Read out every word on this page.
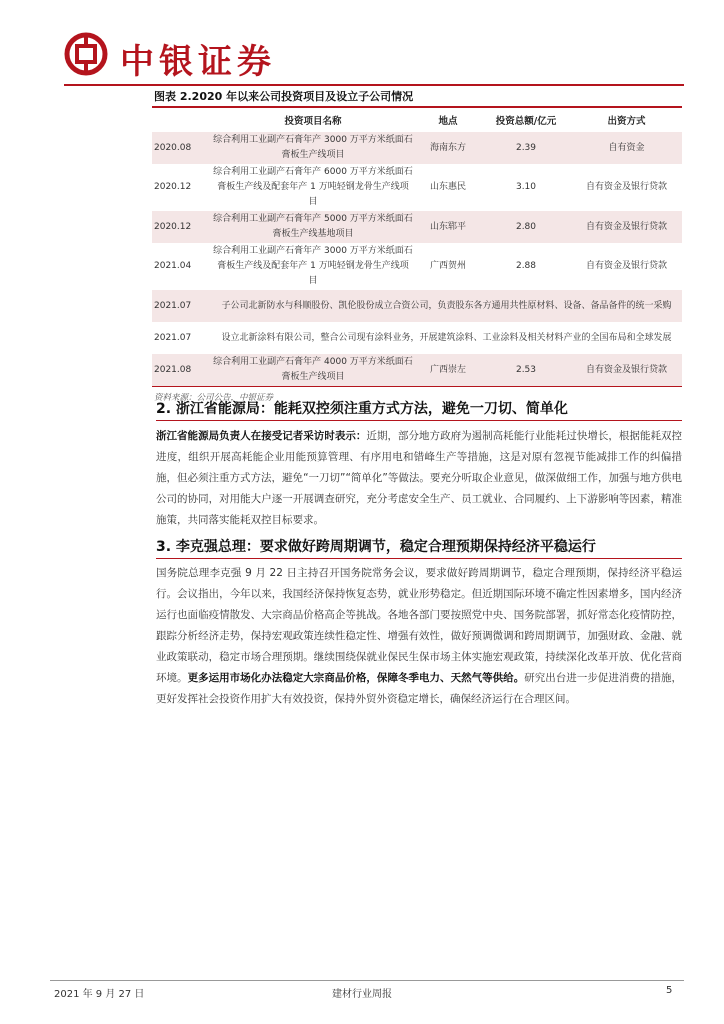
中银证券
图表 2.2020 年以来公司投资项目及设立子公司情况
	投资项目名称	地点	投资总额/亿元	出资方式
2020.08	综合利用工业副产石膏年产 3000 万平方米纸面石膏板生产线项目	海南东方	2.39	自有资金
2020.12	综合利用工业副产石膏年产 6000 万平方米纸面石膏板生产线及配套年产 1 万吨轻钢龙骨生产线项目	山东惠民	3.10	自有资金及银行贷款
2020.12	综合利用工业副产石膏年产 5000 万平方米纸面石膏板生产线基地项目	山东郓平	2.80	自有资金及银行贷款
2021.04	综合利用工业副产石膏年产 3000 万平方米纸面石膏板生产线及配套年产 1 万吨轻钢龙骨生产线项目	广西贺州	2.88	自有资金及银行贷款
2021.07	子公司北新防水与科顺股份、凯伦股份成立合资公司，负责股东各方通用共性原材料、设备、备品备件的统一采购			
2021.07	设立北新涂料有限公司，整合公司现有涂料业务，开展建筑涂料、工业涂料及相关材料产业的全国布局和全球发展			
2021.08	综合利用工业副产石膏年产 4000 万平方米纸面石膏板生产线项目	广西崇左	2.53	自有资金及银行贷款
资料来源：公司公告，中银证券
2. 浙江省能源局：能耗双控须注重方式方法，避免一刀切、简单化
浙江省能源局负责人在接受记者采访时表示：近期，部分地方政府为遏制高耗能行业能耗过快增长，根据能耗双控进度，组织开展高耗能企业用能预算管理、有序用电和错峰生产等措施，这是对原有忽视节能减排工作的纠偏措施，但必须注重方式方法，避免“一刀切”“简单化”等做法。要充分听取企业意见，做深做细工作，加强与地方供电公司的协同，对用能大户逐一开展调查研究，充分考虑安全生产、员工就业、合同履约、上下游影响等因素，精准施策，共同落实能耗双控目标要求。
3. 李克强总理：要求做好跨周期调节，稳定合理预期保持经济平稳运行
国务院总理李克强 9 月 22 日主持召开国务院常务会议，要求做好跨周期调节，稳定合理预期，保持经济平稳运行。会议指出，今年以来，我国经济保持恢复态势，就业形势稳定。但近期国际环境不确定性因素增多，国内经济运行也面临疫情散发、大宗商品价格高企等挑战。各地各部门要按照党中央、国务院部署，抓好常态化疫情防控，跟踪分析经济走势，保持宏观政策连续性稳定性、增强有效性，做好预调微调和跨周期调节，加强财政、金融、就业政策联动，稳定市场合理预期。继续围绕保就业保民生保市场主体实施宏观政策，持续深化改革开放、优化营商环境。更多运用市场化办法稳定大宗商品价格，保障冬季电力、天然气等供给。研究出台进一步促进消费的措施，更好发挥社会投资作用扩大有效投资，保持外贸外资稳定增长，确保经济运行在合理区间。
2021 年 9 月 27 日	建材行业周报	5
